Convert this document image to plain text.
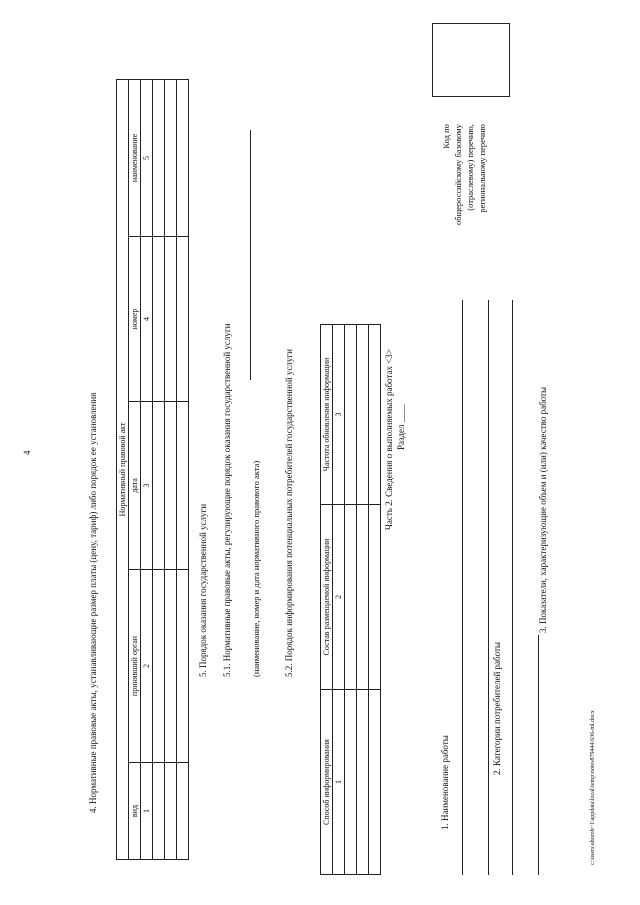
4	4. Нормативные правовые акты, устанавливающие размер платы (цену, тариф) либо порядок ее установления	Нормативный правовой акт				
вид	принявший орган	дата	номер	наименование
1	2	3	4	5

5. Порядок оказания государственной услуги 5.1. Нормативные правовые акты, регулирующие порядок оказания государственной услуги (наименование, номер и дата нормативного правового акта)	5.2. Порядок информирования потенциальных потребителей государственной услуги
Способ информирования	Состав размещаемой информации	Частота обновления информации
1	2	3

			Часть 2. Сведения о выполняемых работах <3> Раздел ____
1. Наименование работы
2. Категории потребителей работы
3. Показатели, характеризующие объем и (или) качество работы
Код по общероссийскому базовому (отраслевому) перечню, региональному перечню
c:\users\ahorob~1\appdata\local\temp\notes879444\636-ml.docx
